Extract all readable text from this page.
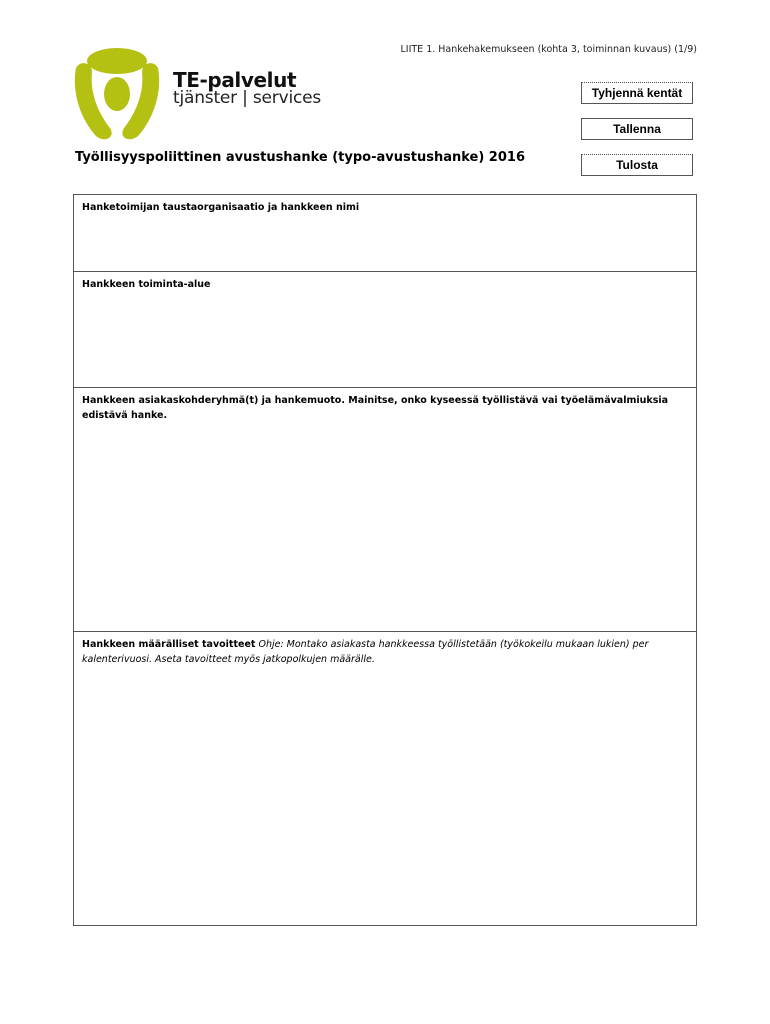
LIITE 1. Hankehakemukseen (kohta 3, toiminnan kuvaus) (1/9)
TE-palvelut
tjänster | services	Tyhjennä kentät
Tallenna
Tulosta
Työllisyyspoliittinen avustushanke (typo-avustushanke) 2016
Hanketoimijan taustaorganisaatio ja hankkeen nimi
Hankkeen toiminta-alue
Hankkeen asiakaskohderyhmä(t) ja hankemuoto. Mainitse, onko kyseessä työllistävä vai työelämävalmiuksia edistävä hanke.
Hankkeen määrälliset tavoitteet Ohje: Montako asiakasta hankkeessa työllistetään (työkokeilu mukaan lukien) per kalenterivuosi. Aseta tavoitteet myös jatkopolkujen määrälle.
